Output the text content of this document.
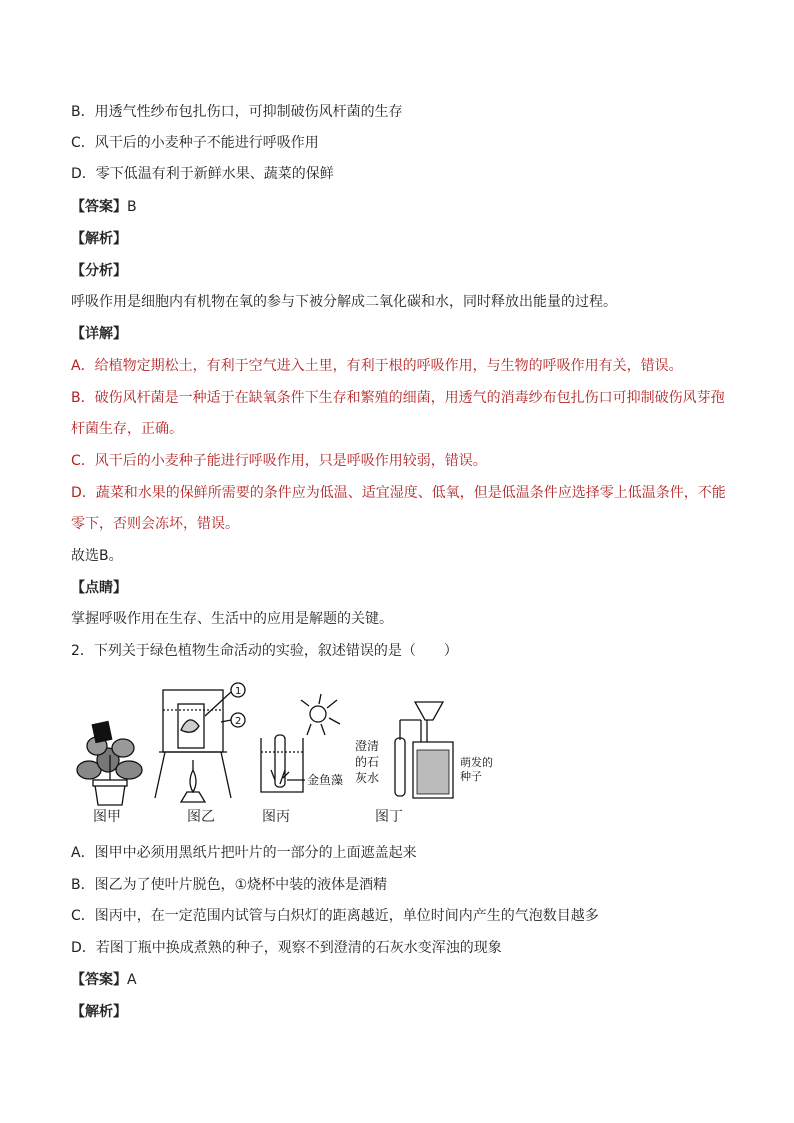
B．用透气性纱布包扎伤口，可抑制破伤风杆菌的生存
C．风干后的小麦种子不能进行呼吸作用
D．零下低温有利于新鲜水果、蔬菜的保鲜
【答案】B
【解析】
【分析】
呼吸作用是细胞内有机物在氧的参与下被分解成二氧化碳和水，同时释放出能量的过程。
【详解】
A．给植物定期松土，有利于空气进入土里，有利于根的呼吸作用，与生物的呼吸作用有关，错误。
B．破伤风杆菌是一种适于在缺氧条件下生存和繁殖的细菌，用透气的消毒纱布包扎伤口可抑制破伤风芽孢
杆菌生存，正确。
C．风干后的小麦种子能进行呼吸作用，只是呼吸作用较弱，错误。
D．蔬菜和水果的保鲜所需要的条件应为低温、适宜湿度、低氧，但是低温条件应选择零上低温条件，不能
零下，否则会冻坏，错误。
故选B。
【点睛】
掌握呼吸作用在生存、生活中的应用是解题的关键。
2．下列关于绿色植物生命活动的实验，叙述错误的是（　　）
1
2
金鱼藻
澄清
的石
灰水
萌发的
种子
图甲	图乙	图丙	图丁
A．图甲中必须用黑纸片把叶片的一部分的上面遮盖起来
B．图乙为了使叶片脱色，①烧杯中装的液体是酒精
C．图丙中，在一定范围内试管与白炽灯的距离越近，单位时间内产生的气泡数目越多
D．若图丁瓶中换成煮熟的种子，观察不到澄清的石灰水变浑浊的现象
【答案】A
【解析】
